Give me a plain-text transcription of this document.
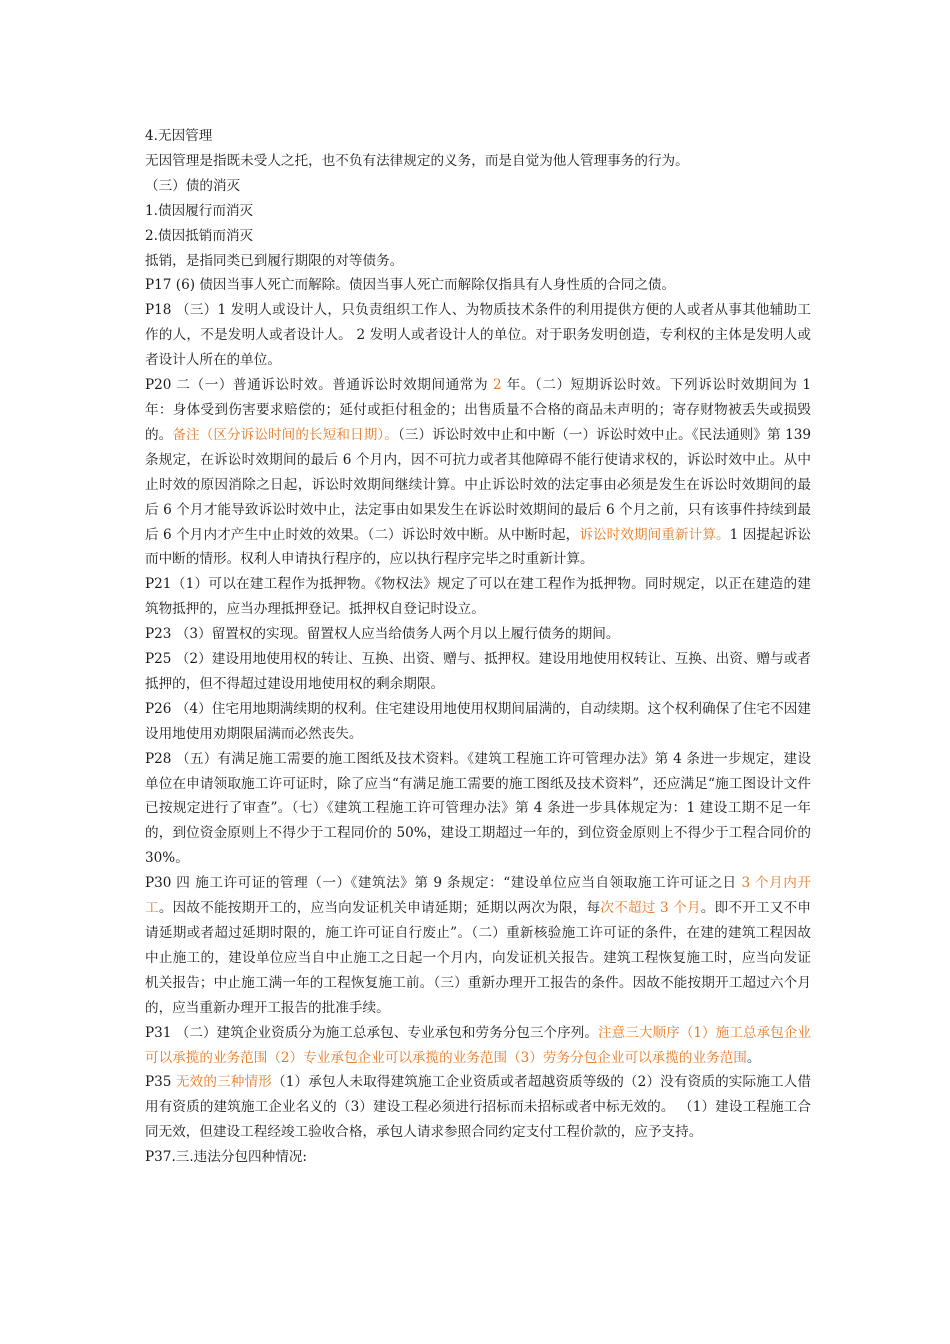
4.无因管理

无因管理是指既未受人之托，也不负有法律规定的义务，而是自觉为他人管理事务的行为。

（三）债的消灭

1.债因履行而消灭

2.债因抵销而消灭

抵销，是指同类已到履行期限的对等债务。

P17 (6) 债因当事人死亡而解除。债因当事人死亡而解除仅指具有人身性质的合同之债。

P18 （三）1 发明人或设计人，只负责组织工作人、为物质技术条件的利用提供方便的人或者从事其他辅助工作的人，不是发明人或者设计人。 2 发明人或者设计人的单位。对于职务发明创造，专利权的主体是发明人或者设计人所在的单位。

P20 二（一）普通诉讼时效。普通诉讼时效期间通常为 2 年。（二）短期诉讼时效。下列诉讼时效期间为 1 年：身体受到伤害要求赔偿的；延付或拒付租金的；出售质量不合格的商品未声明的；寄存财物被丢失或损毁的。备注（区分诉讼时间的长短和日期）。（三）诉讼时效中止和中断（一）诉讼时效中止。《民法通则》第 139 条规定，在诉讼时效期间的最后 6 个月内，因不可抗力或者其他障碍不能行使请求权的，诉讼时效中止。从中止时效的原因消除之日起，诉讼时效期间继续计算。中止诉讼时效的法定事由必须是发生在诉讼时效期间的最后 6 个月才能导致诉讼时效中止，法定事由如果发生在诉讼时效期间的最后 6 个月之前，只有该事件持续到最后 6 个月内才产生中止时效的效果。（二）诉讼时效中断。从中断时起，诉讼时效期间重新计算。1 因提起诉讼而中断的情形。权利人申请执行程序的，应以执行程序完毕之时重新计算。

P21（1）可以在建工程作为抵押物。《物权法》规定了可以在建工程作为抵押物。同时规定，以正在建造的建筑物抵押的，应当办理抵押登记。抵押权自登记时设立。

P23 （3）留置权的实现。留置权人应当给债务人两个月以上履行债务的期间。

P25 （2）建设用地使用权的转让、互换、出资、赠与、抵押权。建设用地使用权转让、互换、出资、赠与或者抵押的，但不得超过建设用地使用权的剩余期限。

P26 （4）住宅用地期满续期的权利。住宅建设用地使用权期间届满的，自动续期。这个权利确保了住宅不因建设用地使用劝期限届满而必然丧失。

P28 （五）有满足施工需要的施工图纸及技术资料。《建筑工程施工许可管理办法》第 4 条进一步规定，建设单位在申请领取施工许可证时，除了应当“有满足施工需要的施工图纸及技术资料”，还应满足“施工图设计文件已按规定进行了审查”。（七）《建筑工程施工许可管理办法》第 4 条进一步具体规定为：1 建设工期不足一年的，到位资金原则上不得少于工程同价的 50%，建设工期超过一年的，到位资金原则上不得少于工程合同价的 30%。

P30 四 施工许可证的管理（一）《建筑法》第 9 条规定：“建设单位应当自领取施工许可证之日 3 个月内开工。因故不能按期开工的，应当向发证机关申请延期；延期以两次为限，每次不超过 3 个月。即不开工又不申请延期或者超过延期时限的，施工许可证自行废止”。（二）重新核验施工许可证的条件，在建的建筑工程因故中止施工的，建设单位应当自中止施工之日起一个月内，向发证机关报告。建筑工程恢复施工时，应当向发证机关报告；中止施工满一年的工程恢复施工前。（三）重新办理开工报告的条件。因故不能按期开工超过六个月的，应当重新办理开工报告的批准手续。

P31 （二）建筑企业资质分为施工总承包、专业承包和劳务分包三个序列。注意三大顺序（1）施工总承包企业可以承揽的业务范围（2）专业承包企业可以承揽的业务范围（3）劳务分包企业可以承揽的业务范围。

P35 无效的三种情形（1）承包人未取得建筑施工企业资质或者超越资质等级的（2）没有资质的实际施工人借用有资质的建筑施工企业名义的（3）建设工程必须进行招标而未招标或者中标无效的。 （1）建设工程施工合同无效，但建设工程经竣工验收合格，承包人请求参照合同约定支付工程价款的，应予支持。

P37.三.违法分包四种情况:
